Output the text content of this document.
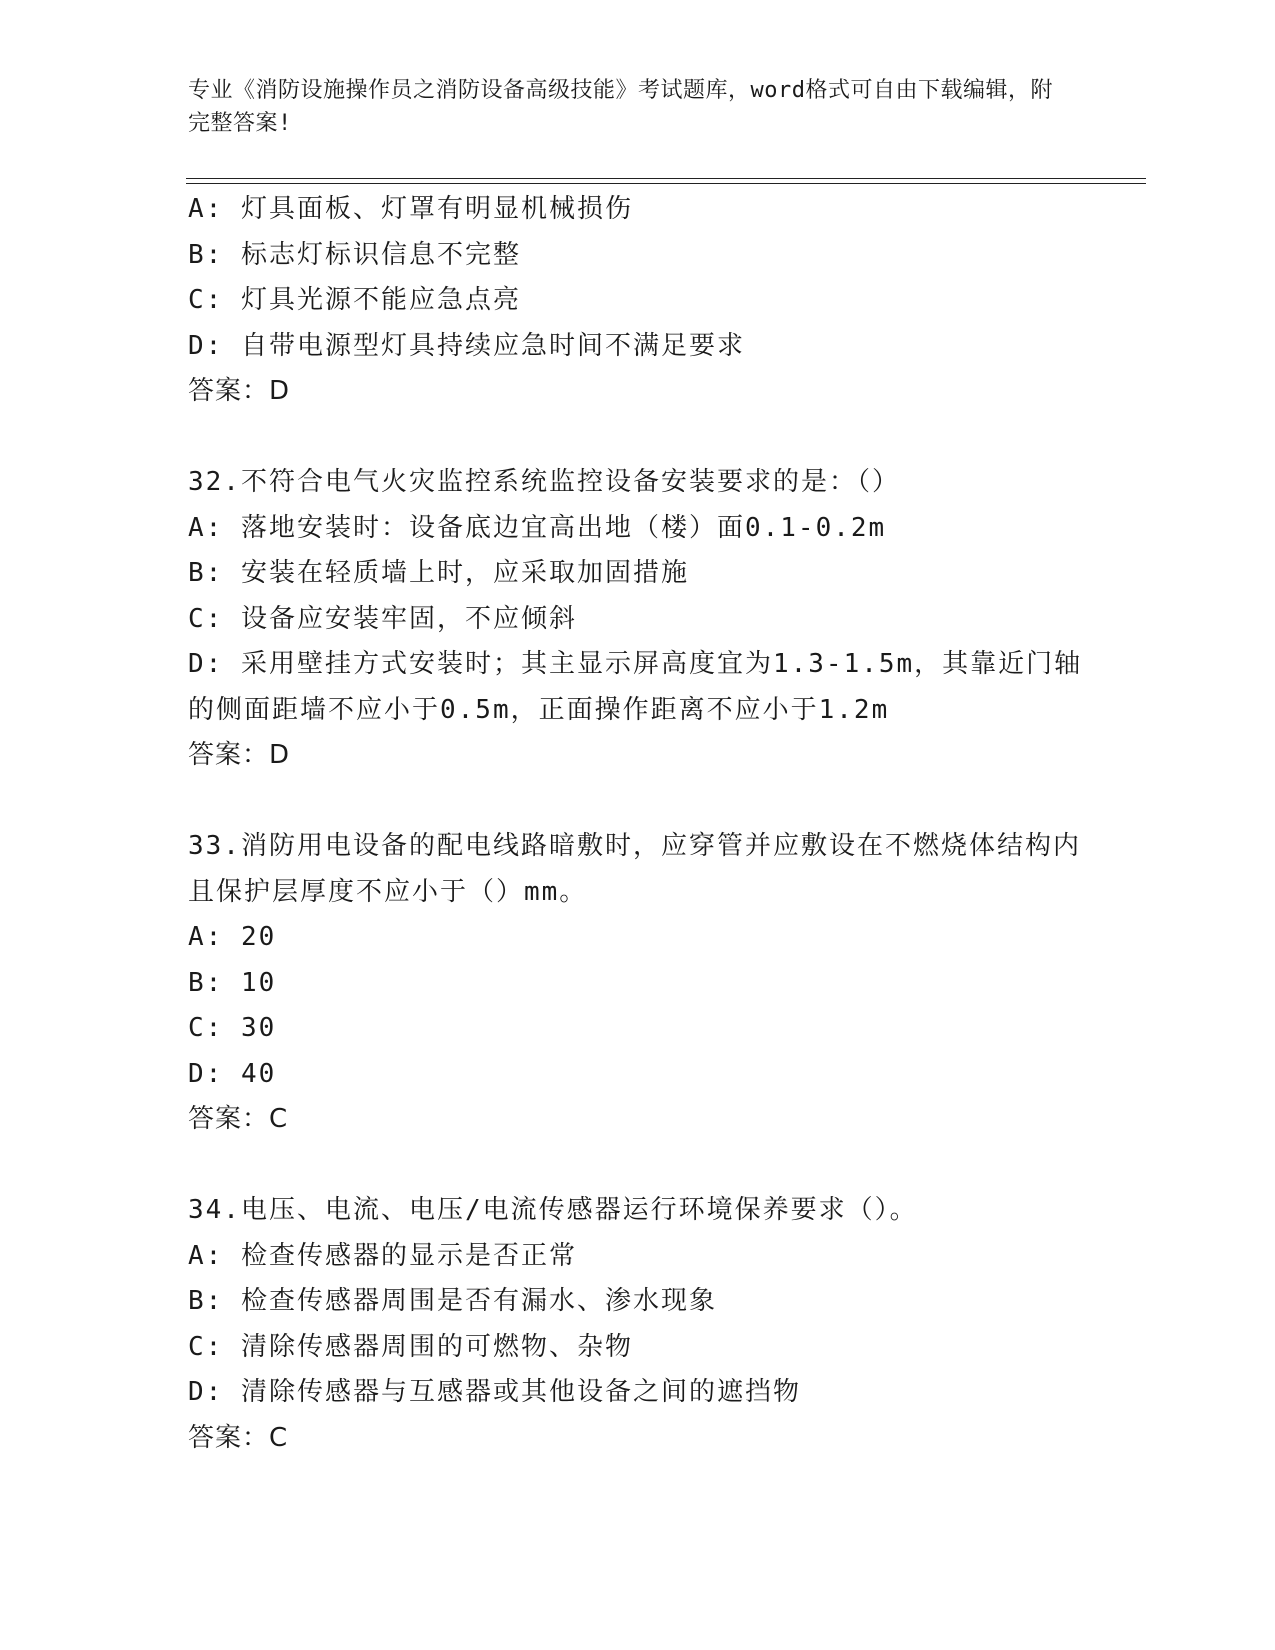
专业《消防设施操作员之消防设备高级技能》考试题库，word格式可自由下载编辑，附完整答案!
A: 灯具面板、灯罩有明显机械损伤
B: 标志灯标识信息不完整
C: 灯具光源不能应急点亮
D: 自带电源型灯具持续应急时间不满足要求
答案：D
32.不符合电气火灾监控系统监控设备安装要求的是：（）
A: 落地安装时：设备底边宜高出地（楼）面0.1-0.2m
B: 安装在轻质墙上时，应采取加固措施
C: 设备应安装牢固，不应倾斜
D: 采用壁挂方式安装时；其主显示屏高度宜为1.3-1.5m，其靠近门轴的侧面距墙不应小于0.5m，正面操作距离不应小于1.2m
答案：D
33.消防用电设备的配电线路暗敷时，应穿管并应敷设在不燃烧体结构内且保护层厚度不应小于（）mm。
A: 20
B: 10
C: 30
D: 40
答案：C
34.电压、电流、电压/电流传感器运行环境保养要求（）。
A: 检查传感器的显示是否正常
B: 检查传感器周围是否有漏水、渗水现象
C: 清除传感器周围的可燃物、杂物
D: 清除传感器与互感器或其他设备之间的遮挡物
答案：C
